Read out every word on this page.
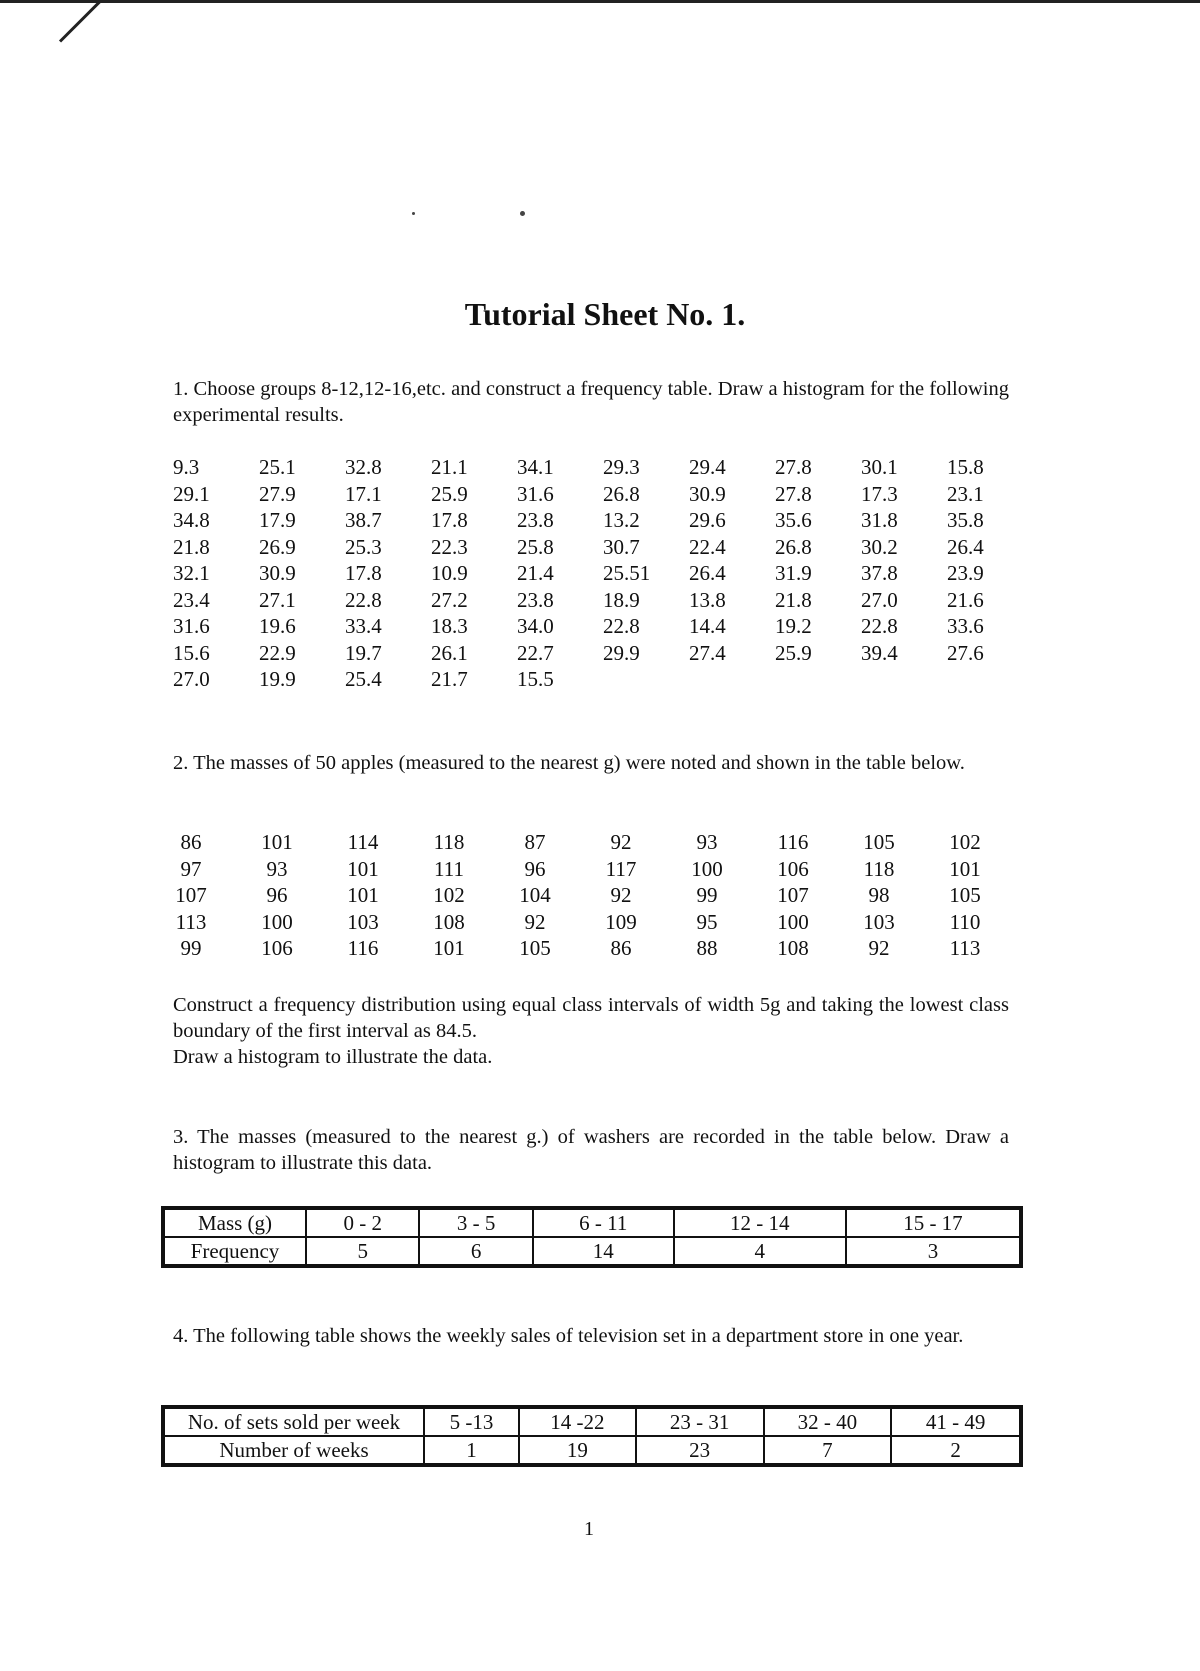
Tutorial Sheet No. 1.

1. Choose groups 8-12,12-16,etc. and construct a frequency table. Draw a histogram for the following experimental results.

9.3	25.1	32.8	21.1	34.1	29.3	29.4	27.8	30.1	15.8
29.1	27.9	17.1	25.9	31.6	26.8	30.9	27.8	17.3	23.1
34.8	17.9	38.7	17.8	23.8	13.2	29.6	35.6	31.8	35.8
21.8	26.9	25.3	22.3	25.8	30.7	22.4	26.8	30.2	26.4
32.1	30.9	17.8	10.9	21.4	25.51	26.4	31.9	37.8	23.9
23.4	27.1	22.8	27.2	23.8	18.9	13.8	21.8	27.0	21.6
31.6	19.6	33.4	18.3	34.0	22.8	14.4	19.2	22.8	33.6
15.6	22.9	19.7	26.1	22.7	29.9	27.4	25.9	39.4	27.6
27.0	19.9	25.4	21.7	15.5

2. The masses of 50 apples (measured to the nearest g) were noted and shown in the table below.

86	101	114	118	87	92	93	116	105	102
97	93	101	111	96	117	100	106	118	101
107	96	101	102	104	92	99	107	98	105
113	100	103	108	92	109	95	100	103	110
99	106	116	101	105	86	88	108	92	113

Construct a frequency distribution using equal class intervals of width 5g and taking the lowest class boundary of the first interval as 84.5.

Draw a histogram to illustrate the data.

3. The masses (measured to the nearest g.) of washers are recorded in the table below. Draw a histogram to illustrate this data.

Mass (g)	0 - 2	3 - 5	6 - 11	12 - 14	15 - 17
Frequency	5	6	14	4	3

4. The following table shows the weekly sales of television set in a department store in one year.

No. of sets sold per week	5 -13	14 -22	23 - 31	32 - 40	41 - 49
Number of weeks	1	19	23	7	2
1
